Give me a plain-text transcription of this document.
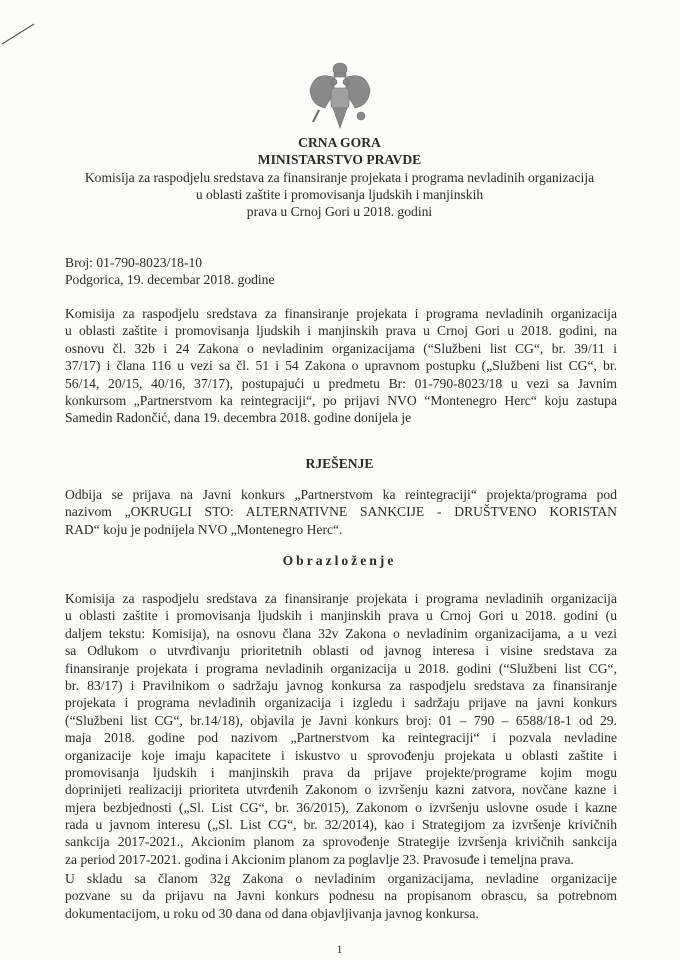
CRNA GORA
MINISTARSTVO PRAVDE
Komisija za raspodjelu sredstava za finansiranje projekata i programa nevladinih organizacija
u oblasti zaštite i promovisanja ljudskih i manjinskih
prava u Crnoj Gori u 2018. godini
Broj: 01-790-8023/18-10
Podgorica, 19. decembar 2018. godine
Komisija za raspodjelu sredstava za finansiranje projekata i programa nevladinih organizacija
u oblasti zaštite i promovisanja ljudskih i manjinskih prava u Crnoj Gori u 2018. godini, na
osnovu čl. 32b i 24 Zakona o nevladinim organizacijama (“Službeni list CG“, br. 39/11 i
37/17) i člana 116 u vezi sa čl. 51 i 54 Zakona o upravnom postupku („Službeni list CG“, br.
56/14, 20/15, 40/16, 37/17), postupajući u predmetu Br: 01-790-8023/18 u vezi sa Javnim
konkursom „Partnerstvom ka reintegraciji“, po prijavi NVO “Montenegro Herc“ koju zastupa
Samedin Radončić, dana 19. decembra 2018. godine donijela je
RJEŠENJE
Odbija se prijava na Javni konkurs „Partnerstvom ka reintegraciji“ projekta/programa pod
nazivom „OKRUGLI STO: ALTERNATIVNE SANKCIJE - DRUŠTVENO KORISTAN
RAD“ koju je podnijela NVO „Montenegro Herc“.
Obrazloženje
Komisija za raspodjelu sredstava za finansiranje projekata i programa nevladinih organizacija
u oblasti zaštite i promovisanja ljudskih i manjinskih prava u Crnoj Gori u 2018. godini (u
daljem tekstu: Komisija), na osnovu člana 32v Zakona o nevladinim organizacijama, a u vezi
sa Odlukom o utvrđivanju prioritetnih oblasti od javnog interesa i visine sredstava za
finansiranje projekata i programa nevladinih organizacija u 2018. godini (“Službeni list CG“,
br. 83/17) i Pravilnikom o sadržaju javnog konkursa za raspodjelu sredstava za finansiranje
projekata i programa nevladinih organizacija i izgledu i sadržaju prijave na javni konkurs
(“Službeni list CG“, br.14/18), objavila je Javni konkurs broj: 01 – 790 – 6588/18-1 od 29.
maja 2018. godine pod nazivom „Partnerstvom ka reintegraciji“ i pozvala nevladine
organizacije koje imaju kapacitete i iskustvo u sprovođenju projekata u oblasti zaštite i
promovisanja ljudskih i manjinskih prava da prijave projekte/programe kojim mogu
doprinijeti realizaciji prioriteta utvrđenih Zakonom o izvršenju kazni zatvora, novčane kazne i
mjera bezbjednosti („Sl. List CG“, br. 36/2015), Zakonom o izvršenju uslovne osude i kazne
rada u javnom interesu („Sl. List CG“, br. 32/2014), kao i Strategijom za izvršenje krivičnih
sankcija 2017-2021., Akcionim planom za sprovođenje Strategije izvršenja krivičnih sankcija
za period 2017-2021. godina i Akcionim planom za poglavlje 23. Pravosuđe i temeljna prava.
U skladu sa članom 32g Zakona o nevladinim organizacijama, nevladine organizacije
pozvane su da prijavu na Javni konkurs podnesu na propisanom obrascu, sa potrebnom
dokumentacijom, u roku od 30 dana od dana objavljivanja javnog konkursa.
1
